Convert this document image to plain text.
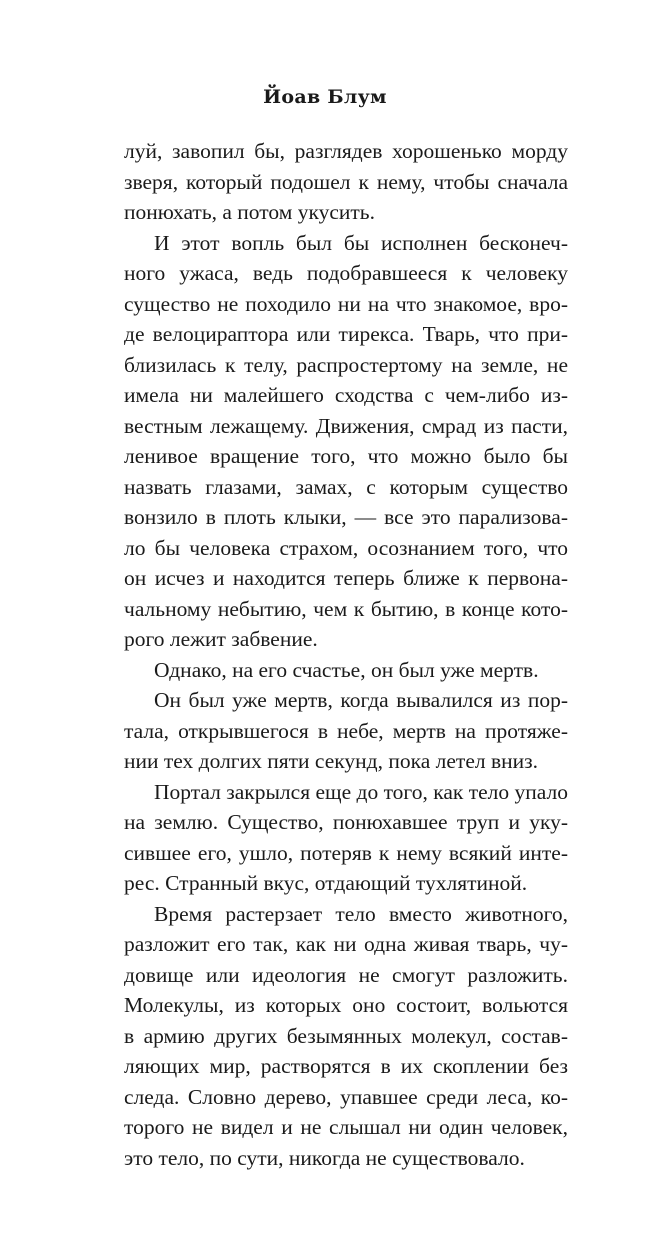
Йоав Блум

луй, завопил бы, разглядев хорошенько морду
зверя, который подошел к нему, чтобы сначала
понюхать, а потом укусить.

И этот вопль был бы исполнен бесконеч-
ного ужаса, ведь подобравшееся к человеку
существо не походило ни на что знакомое, вро-
де велоцираптора или тирекса. Тварь, что при-
близилась к телу, распростертому на земле, не
имела ни малейшего сходства с чем-либо из-
вестным лежащему. Движения, смрад из пасти,
ленивое вращение того, что можно было бы
назвать глазами, замах, с которым существо
вонзило в плоть клыки, — все это парализова-
ло бы человека страхом, осознанием того, что
он исчез и находится теперь ближе к первона-
чальному небытию, чем к бытию, в конце кото-
рого лежит забвение.

Однако, на его счастье, он был уже мертв.

Он был уже мертв, когда вывалился из пор-
тала, открывшегося в небе, мертв на протяже-
нии тех долгих пяти секунд, пока летел вниз.

Портал закрылся еще до того, как тело упало
на землю. Существо, понюхавшее труп и уку-
сившее его, ушло, потеряв к нему всякий инте-
рес. Странный вкус, отдающий тухлятиной.

Время растерзает тело вместо животного,
разложит его так, как ни одна живая тварь, чу-
довище или идеология не смогут разложить.
Молекулы, из которых оно состоит, вольются
в армию других безымянных молекул, состав-
ляющих мир, растворятся в их скоплении без
следа. Словно дерево, упавшее среди леса, ко-
торого не видел и не слышал ни один человек,
это тело, по сути, никогда не существовало.
